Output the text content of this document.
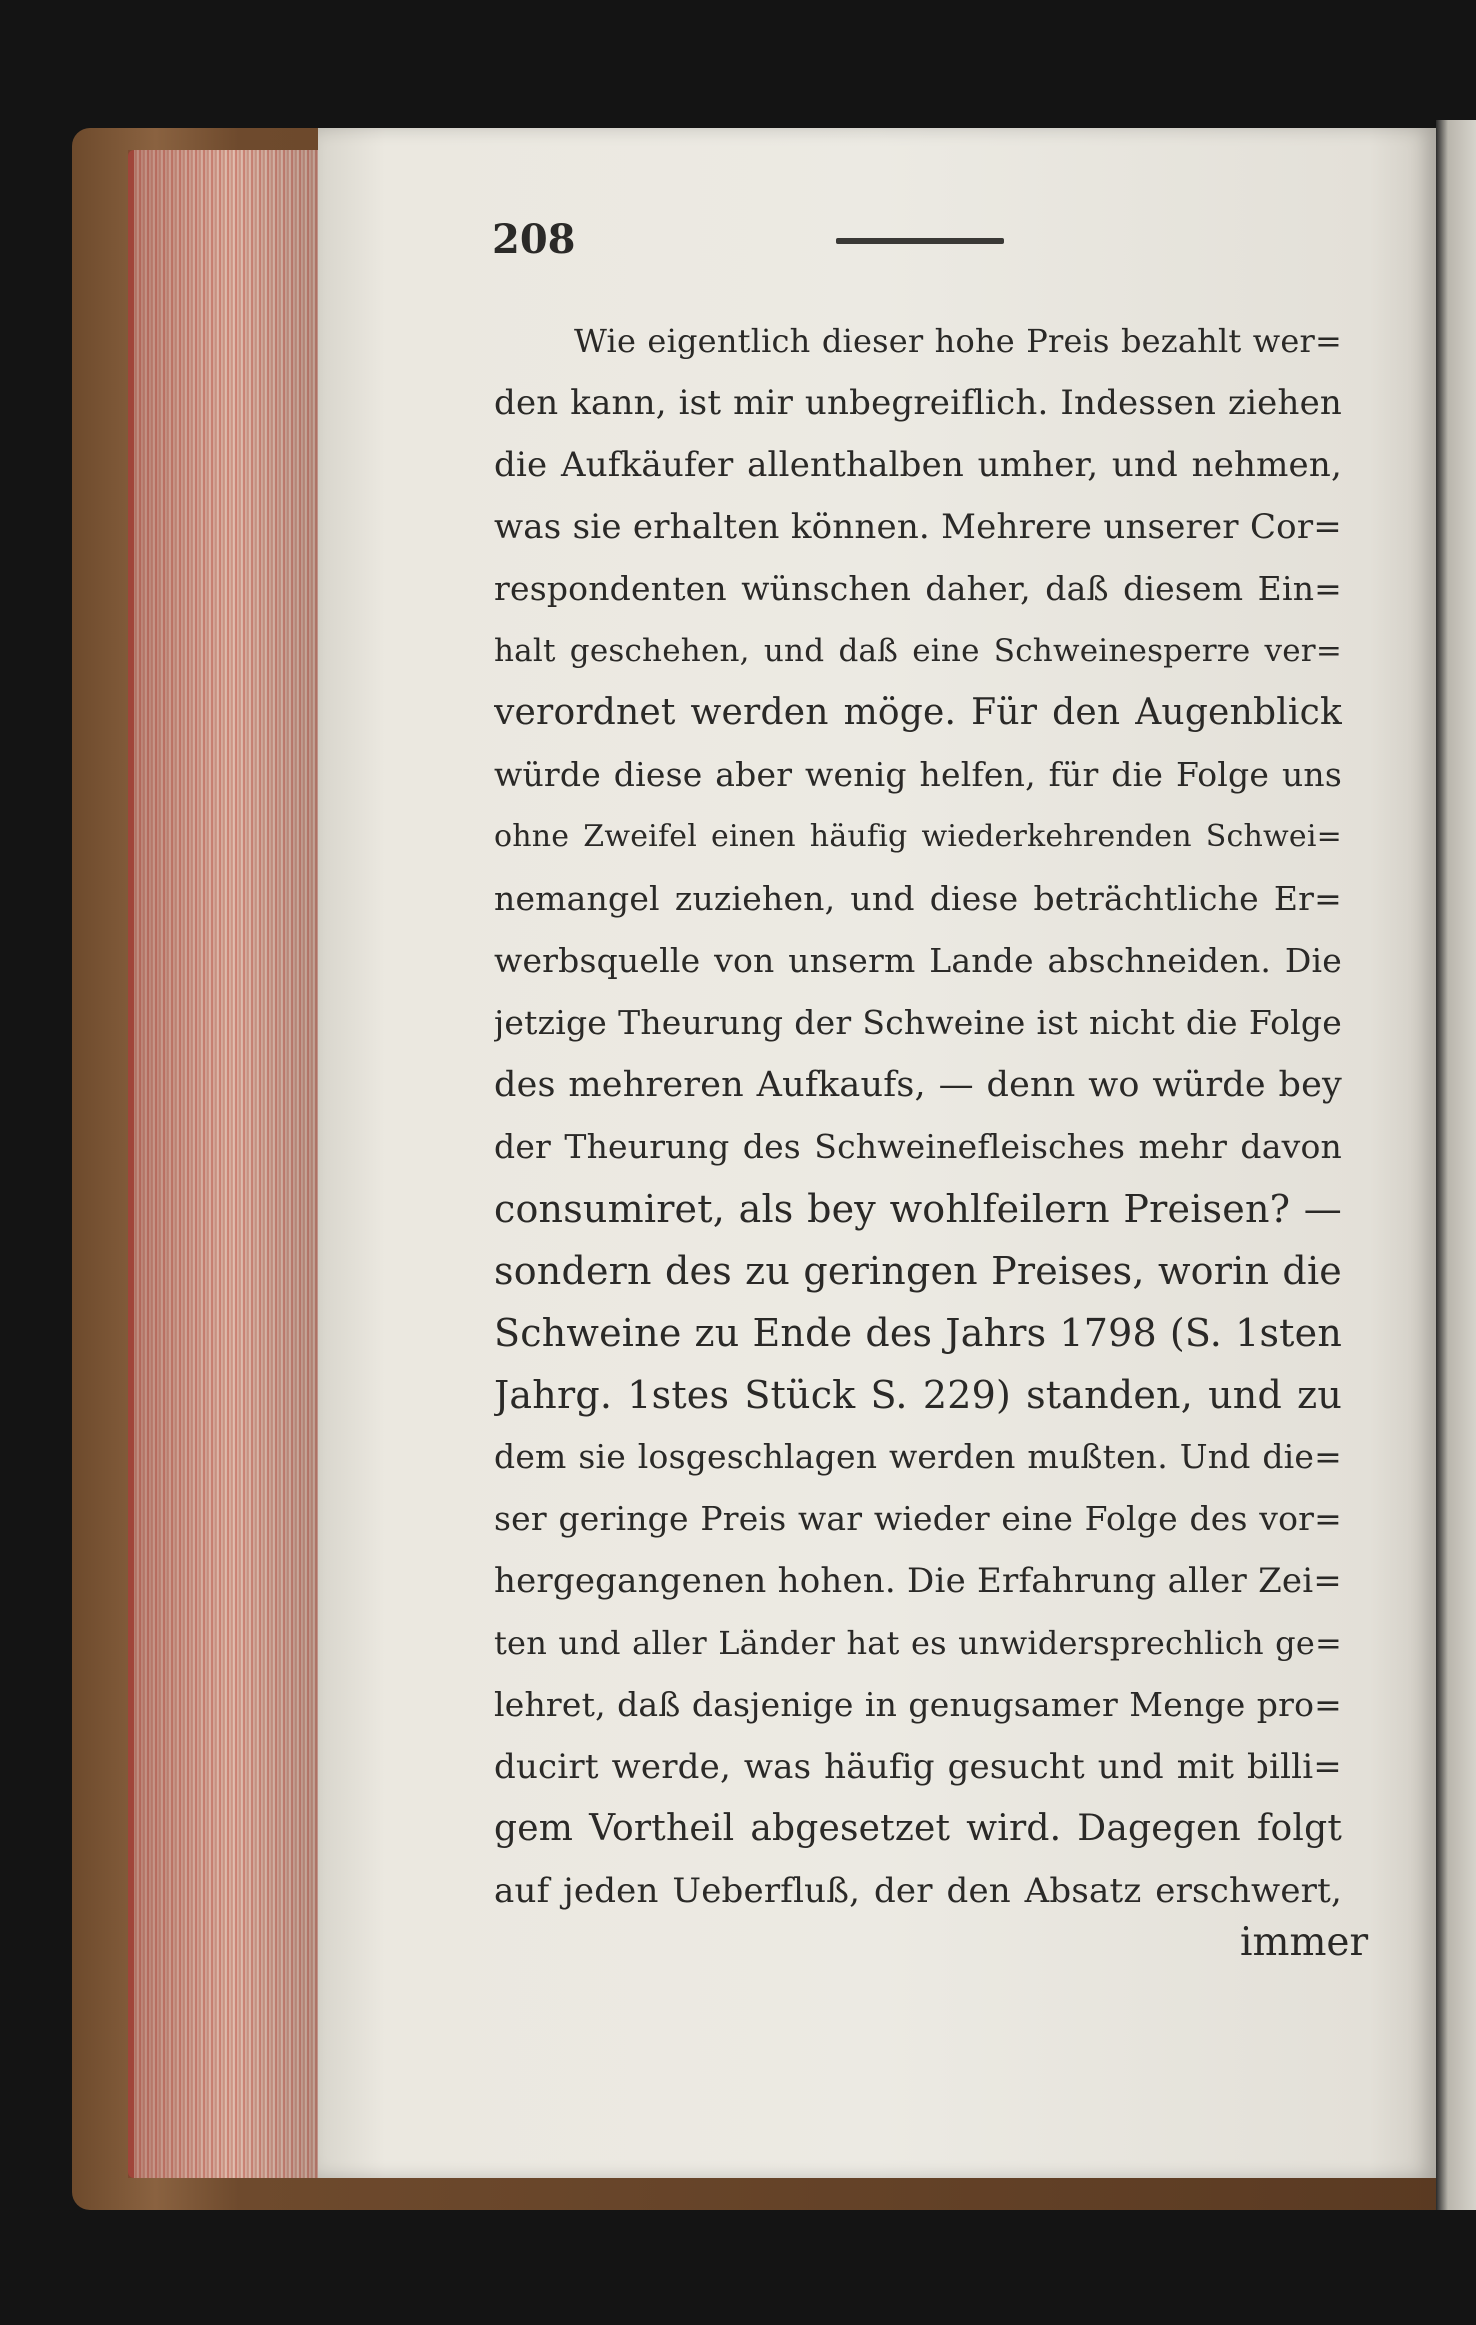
208
Wie eigentlich dieser hohe Preis bezahlt wer=
den kann, ist mir unbegreiflich. Indessen ziehen
die Aufkäufer allenthalben umher, und nehmen,
was sie erhalten können. Mehrere unserer Cor=
respondenten wünschen daher, daß diesem Ein=
halt geschehen, und daß eine Schweinesperre ver=
verordnet werden möge. Für den Augenblick
würde diese aber wenig helfen, für die Folge uns
ohne Zweifel einen häufig wiederkehrenden Schwei=
nemangel zuziehen, und diese beträchtliche Er=
werbsquelle von unserm Lande abschneiden. Die
jetzige Theurung der Schweine ist nicht die Folge
des mehreren Aufkaufs, — denn wo würde bey
der Theurung des Schweinefleisches mehr davon
consumiret, als bey wohlfeilern Preisen? —
sondern des zu geringen Preises, worin die
Schweine zu Ende des Jahrs 1798 (S. 1sten
Jahrg. 1stes Stück S. 229) standen, und zu
dem sie losgeschlagen werden mußten. Und die=
ser geringe Preis war wieder eine Folge des vor=
hergegangenen hohen. Die Erfahrung aller Zei=
ten und aller Länder hat es unwidersprechlich ge=
lehret, daß dasjenige in genugsamer Menge pro=
ducirt werde, was häufig gesucht und mit billi=
gem Vortheil abgesetzet wird. Dagegen folgt
auf jeden Ueberfluß, der den Absatz erschwert,
immer
